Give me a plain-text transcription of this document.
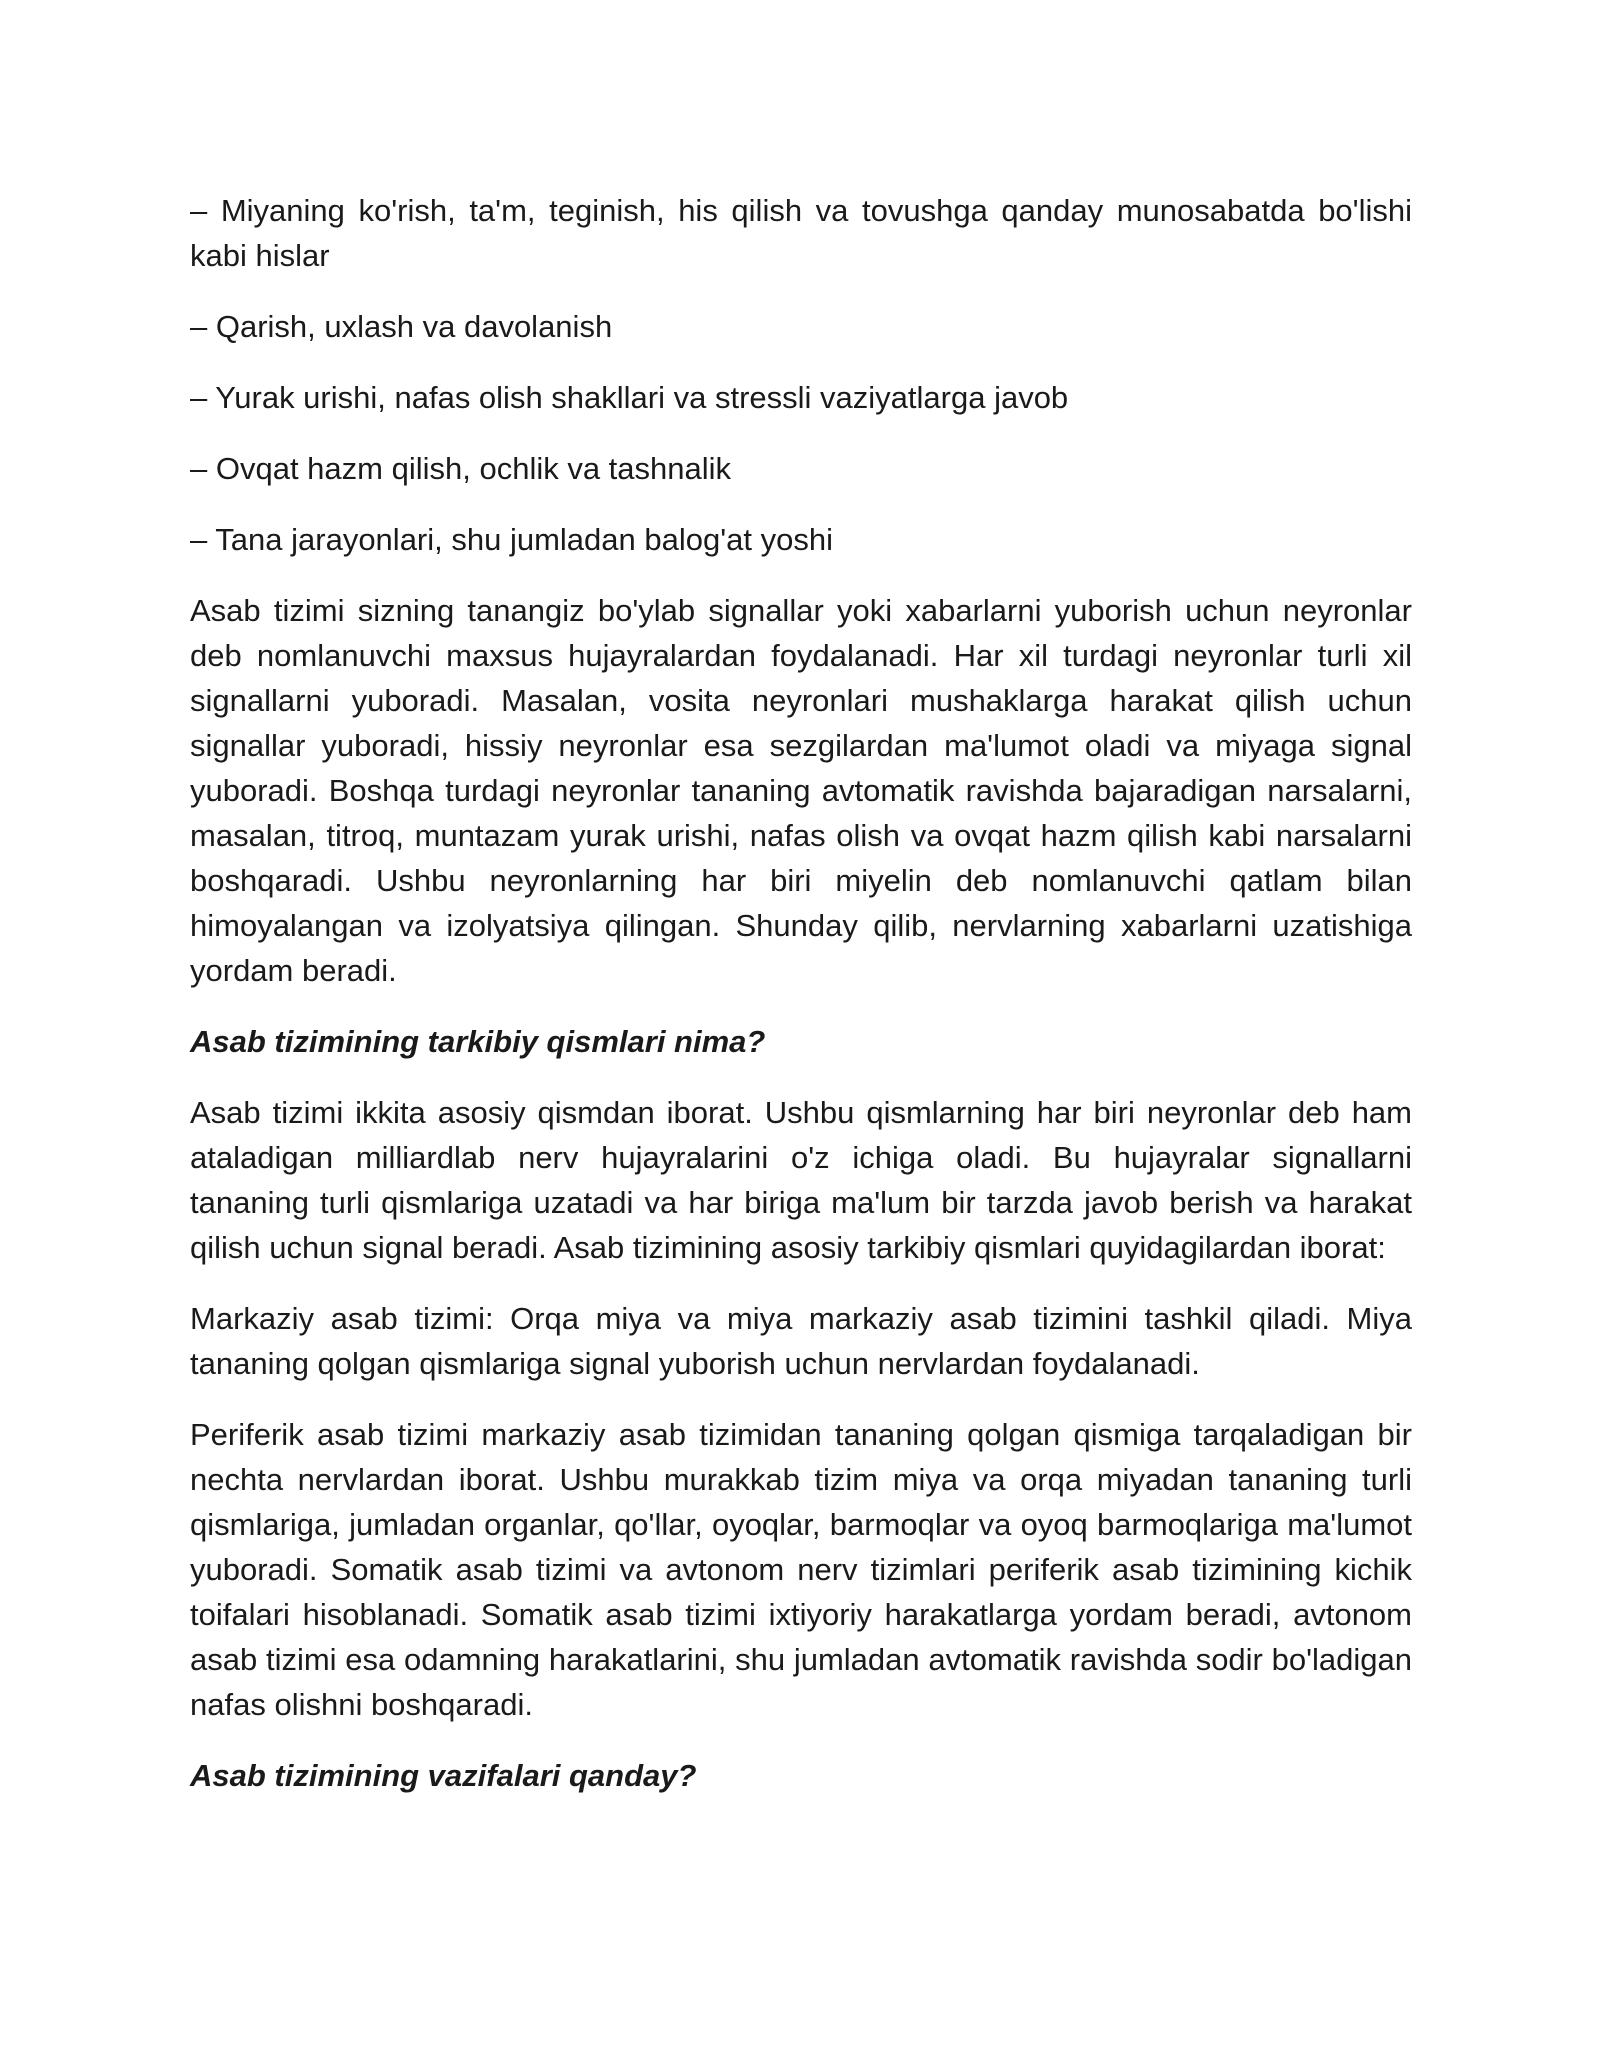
– Miyaning ko'rish, ta'm, teginish, his qilish va tovushga qanday munosabatda bo'lishi kabi hislar

– Qarish, uxlash va davolanish

– Yurak urishi, nafas olish shakllari va stressli vaziyatlarga javob

– Ovqat hazm qilish, ochlik va tashnalik

– Tana jarayonlari, shu jumladan balog'at yoshi

Asab tizimi sizning tanangiz bo'ylab signallar yoki xabarlarni yuborish uchun neyronlar deb nomlanuvchi maxsus hujayralardan foydalanadi. Har xil turdagi neyronlar turli xil signallarni yuboradi. Masalan, vosita neyronlari mushaklarga harakat qilish uchun signallar yuboradi, hissiy neyronlar esa sezgilardan ma'lumot oladi va miyaga signal yuboradi. Boshqa turdagi neyronlar tananing avtomatik ravishda bajaradigan narsalarni, masalan, titroq, muntazam yurak urishi, nafas olish va ovqat hazm qilish kabi narsalarni boshqaradi. Ushbu neyronlarning har biri miyelin deb nomlanuvchi qatlam bilan himoyalangan va izolyatsiya qilingan. Shunday qilib, nervlarning xabarlarni uzatishiga yordam beradi.

Asab tizimining tarkibiy qismlari nima?

Asab tizimi ikkita asosiy qismdan iborat. Ushbu qismlarning har biri neyronlar deb ham ataladigan milliardlab nerv hujayralarini o'z ichiga oladi. Bu hujayralar signallarni tananing turli qismlariga uzatadi va har biriga ma'lum bir tarzda javob berish va harakat qilish uchun signal beradi. Asab tizimining asosiy tarkibiy qismlari quyidagilardan iborat:

Markaziy asab tizimi: Orqa miya va miya markaziy asab tizimini tashkil qiladi. Miya tananing qolgan qismlariga signal yuborish uchun nervlardan foydalanadi.

Periferik asab tizimi markaziy asab tizimidan tananing qolgan qismiga tarqaladigan bir nechta nervlardan iborat. Ushbu murakkab tizim miya va orqa miyadan tananing turli qismlariga, jumladan organlar, qo'llar, oyoqlar, barmoqlar va oyoq barmoqlariga ma'lumot yuboradi. Somatik asab tizimi va avtonom nerv tizimlari periferik asab tizimining kichik toifalari hisoblanadi. Somatik asab tizimi ixtiyoriy harakatlarga yordam beradi, avtonom asab tizimi esa odamning harakatlarini, shu jumladan avtomatik ravishda sodir bo'ladigan nafas olishni boshqaradi.

Asab tizimining vazifalari qanday?
